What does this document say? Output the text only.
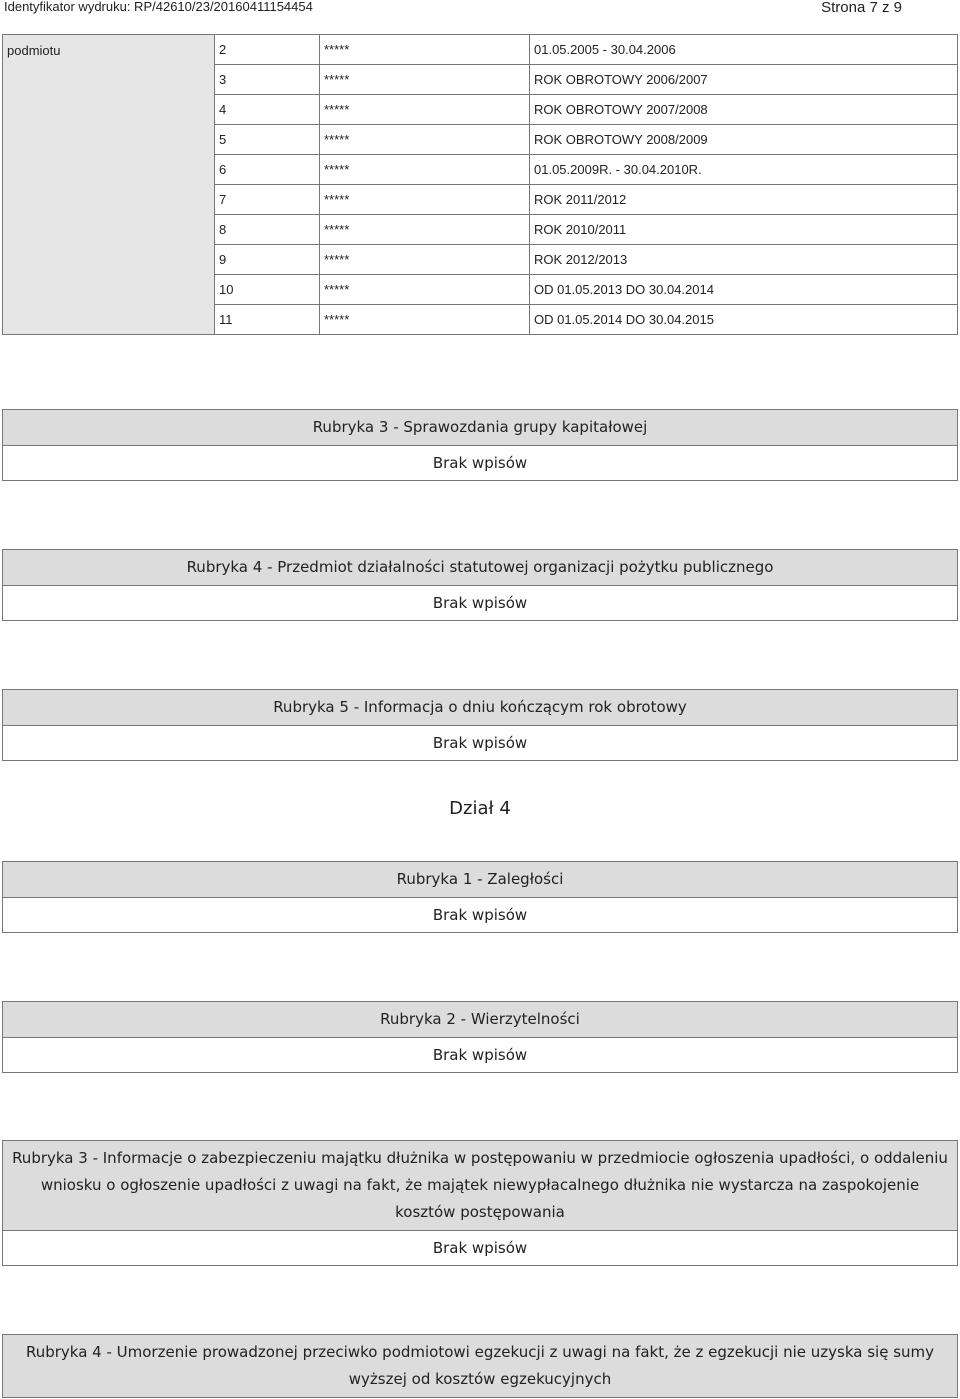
Identyfikator wydruku: RP/42610/23/20160411154454	Strona 7 z 9
podmiotu	2	*****	01.05.2005 - 30.04.2006
	3	*****	ROK OBROTOWY 2006/2007
	4	*****	ROK OBROTOWY 2007/2008
	5	*****	ROK OBROTOWY 2008/2009
	6	*****	01.05.2009R. - 30.04.2010R.
	7	*****	ROK 2011/2012
	8	*****	ROK 2010/2011
	9	*****	ROK 2012/2013
	10	*****	OD 01.05.2013 DO 30.04.2014
	11	*****	OD 01.05.2014 DO 30.04.2015
Rubryka 3 - Sprawozdania grupy kapitałowej
Brak wpisów
Rubryka 4 - Przedmiot działalności statutowej organizacji pożytku publicznego
Brak wpisów
Rubryka 5 - Informacja o dniu kończącym rok obrotowy
Brak wpisów
Dział 4
Rubryka 1 - Zaległości
Brak wpisów
Rubryka 2 - Wierzytelności
Brak wpisów
Rubryka 3 - Informacje o zabezpieczeniu majątku dłużnika w postępowaniu w przedmiocie ogłoszenia upadłości, o oddaleniu wniosku o ogłoszenie upadłości z uwagi na fakt, że majątek niewypłacalnego dłużnika nie wystarcza na zaspokojenie kosztów postępowania
Brak wpisów
Rubryka 4 - Umorzenie prowadzonej przeciwko podmiotowi egzekucji z uwagi na fakt, że z egzekucji nie uzyska się sumy wyższej od kosztów egzekucyjnych
